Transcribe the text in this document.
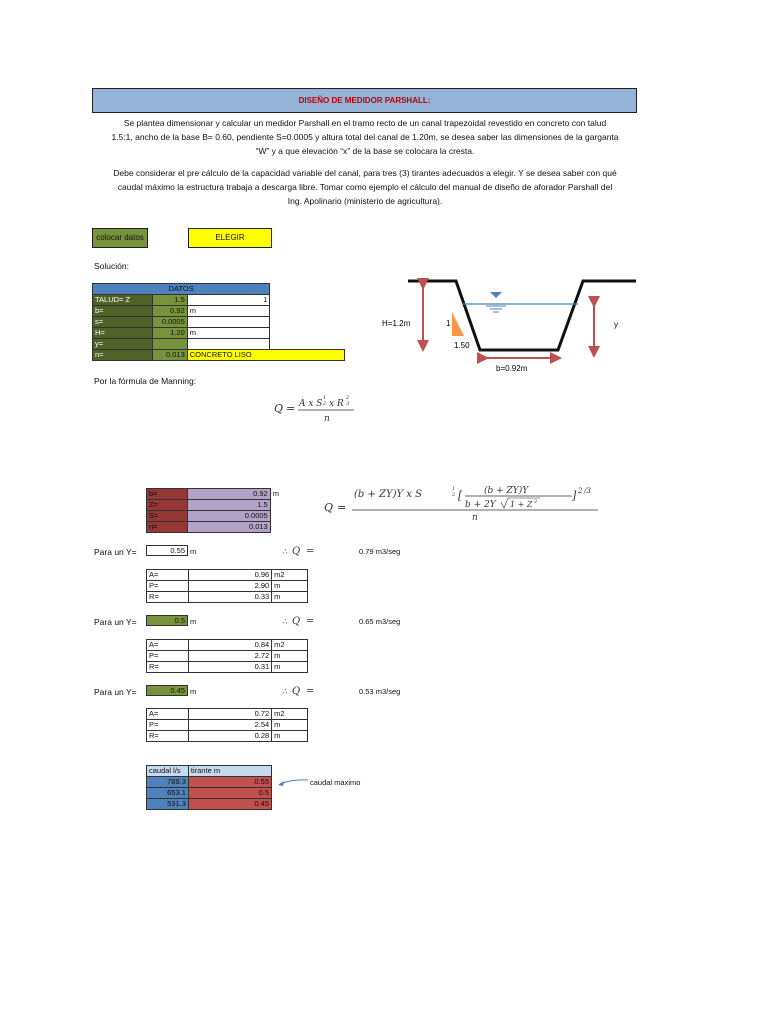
DISEÑO DE MEDIDOR PARSHALL:
Se plantea dimensionar y calcular un medidor Parshall en el tramo recto de un canal trapezoidal revestido en concreto con talud
1.5:1, ancho de la base B= 0.60, pendiente S=0.0005 y altura total del canal de 1.20m, se desea saber las dimensiones de la garganta
“W” y a que elevación “x” de la base se colocara la cresta.
Debe considerar el pre cálculo de la capacidad variable del canal, para tres (3) tirantes adecuados a elegir. Y se desea saber con qué
caudal máximo la estructura trabaja a descarga libre. Tomar como ejemplo el cálculo del manual de diseño de aforador Parshall del
Ing. Apolinario (ministerio de agricultura).
colocar datos	ELEGIR
Solución:
DATOS			
TALUD= Z	1.5	1	
b=	0.92	m	
s=	0.0005		
H=	1.20	m	
y=			
n=	0.013	CONCRETO LISO	
H=1.2m	1
1.50
y
b=0.92m
Por la fórmula de Manning:
Q = A x S
1
2 x R
2
3
n
b=	0.92	m
Z=	1.5	
S=	0.0005	
n=	0.013	
Q =
(b + ZY)Y x S	1
2 [ (b + ZY)Y
b + 2Y 1 + Z 2	] 2 /3
n
Para un Y=	0.55 m	∴ Q =	0.79 m3/seg
A=	0.96	m2
P=	2.90	m
R=	0.33	m
Para un Y=	0.5 m	∴ Q =	0.65 m3/seg
A=	0.84	m2
P=	2.72	m
R=	0.31	m
Para un Y=	0.45 m	∴ Q =	0.53 m3/seg
A=	0.72	m2
P=	2.54	m
R=	0.28	m
caudal l/s	tirante m
789.3	0.55
653.1	0.5
531.3	0.45
caudal maximo
